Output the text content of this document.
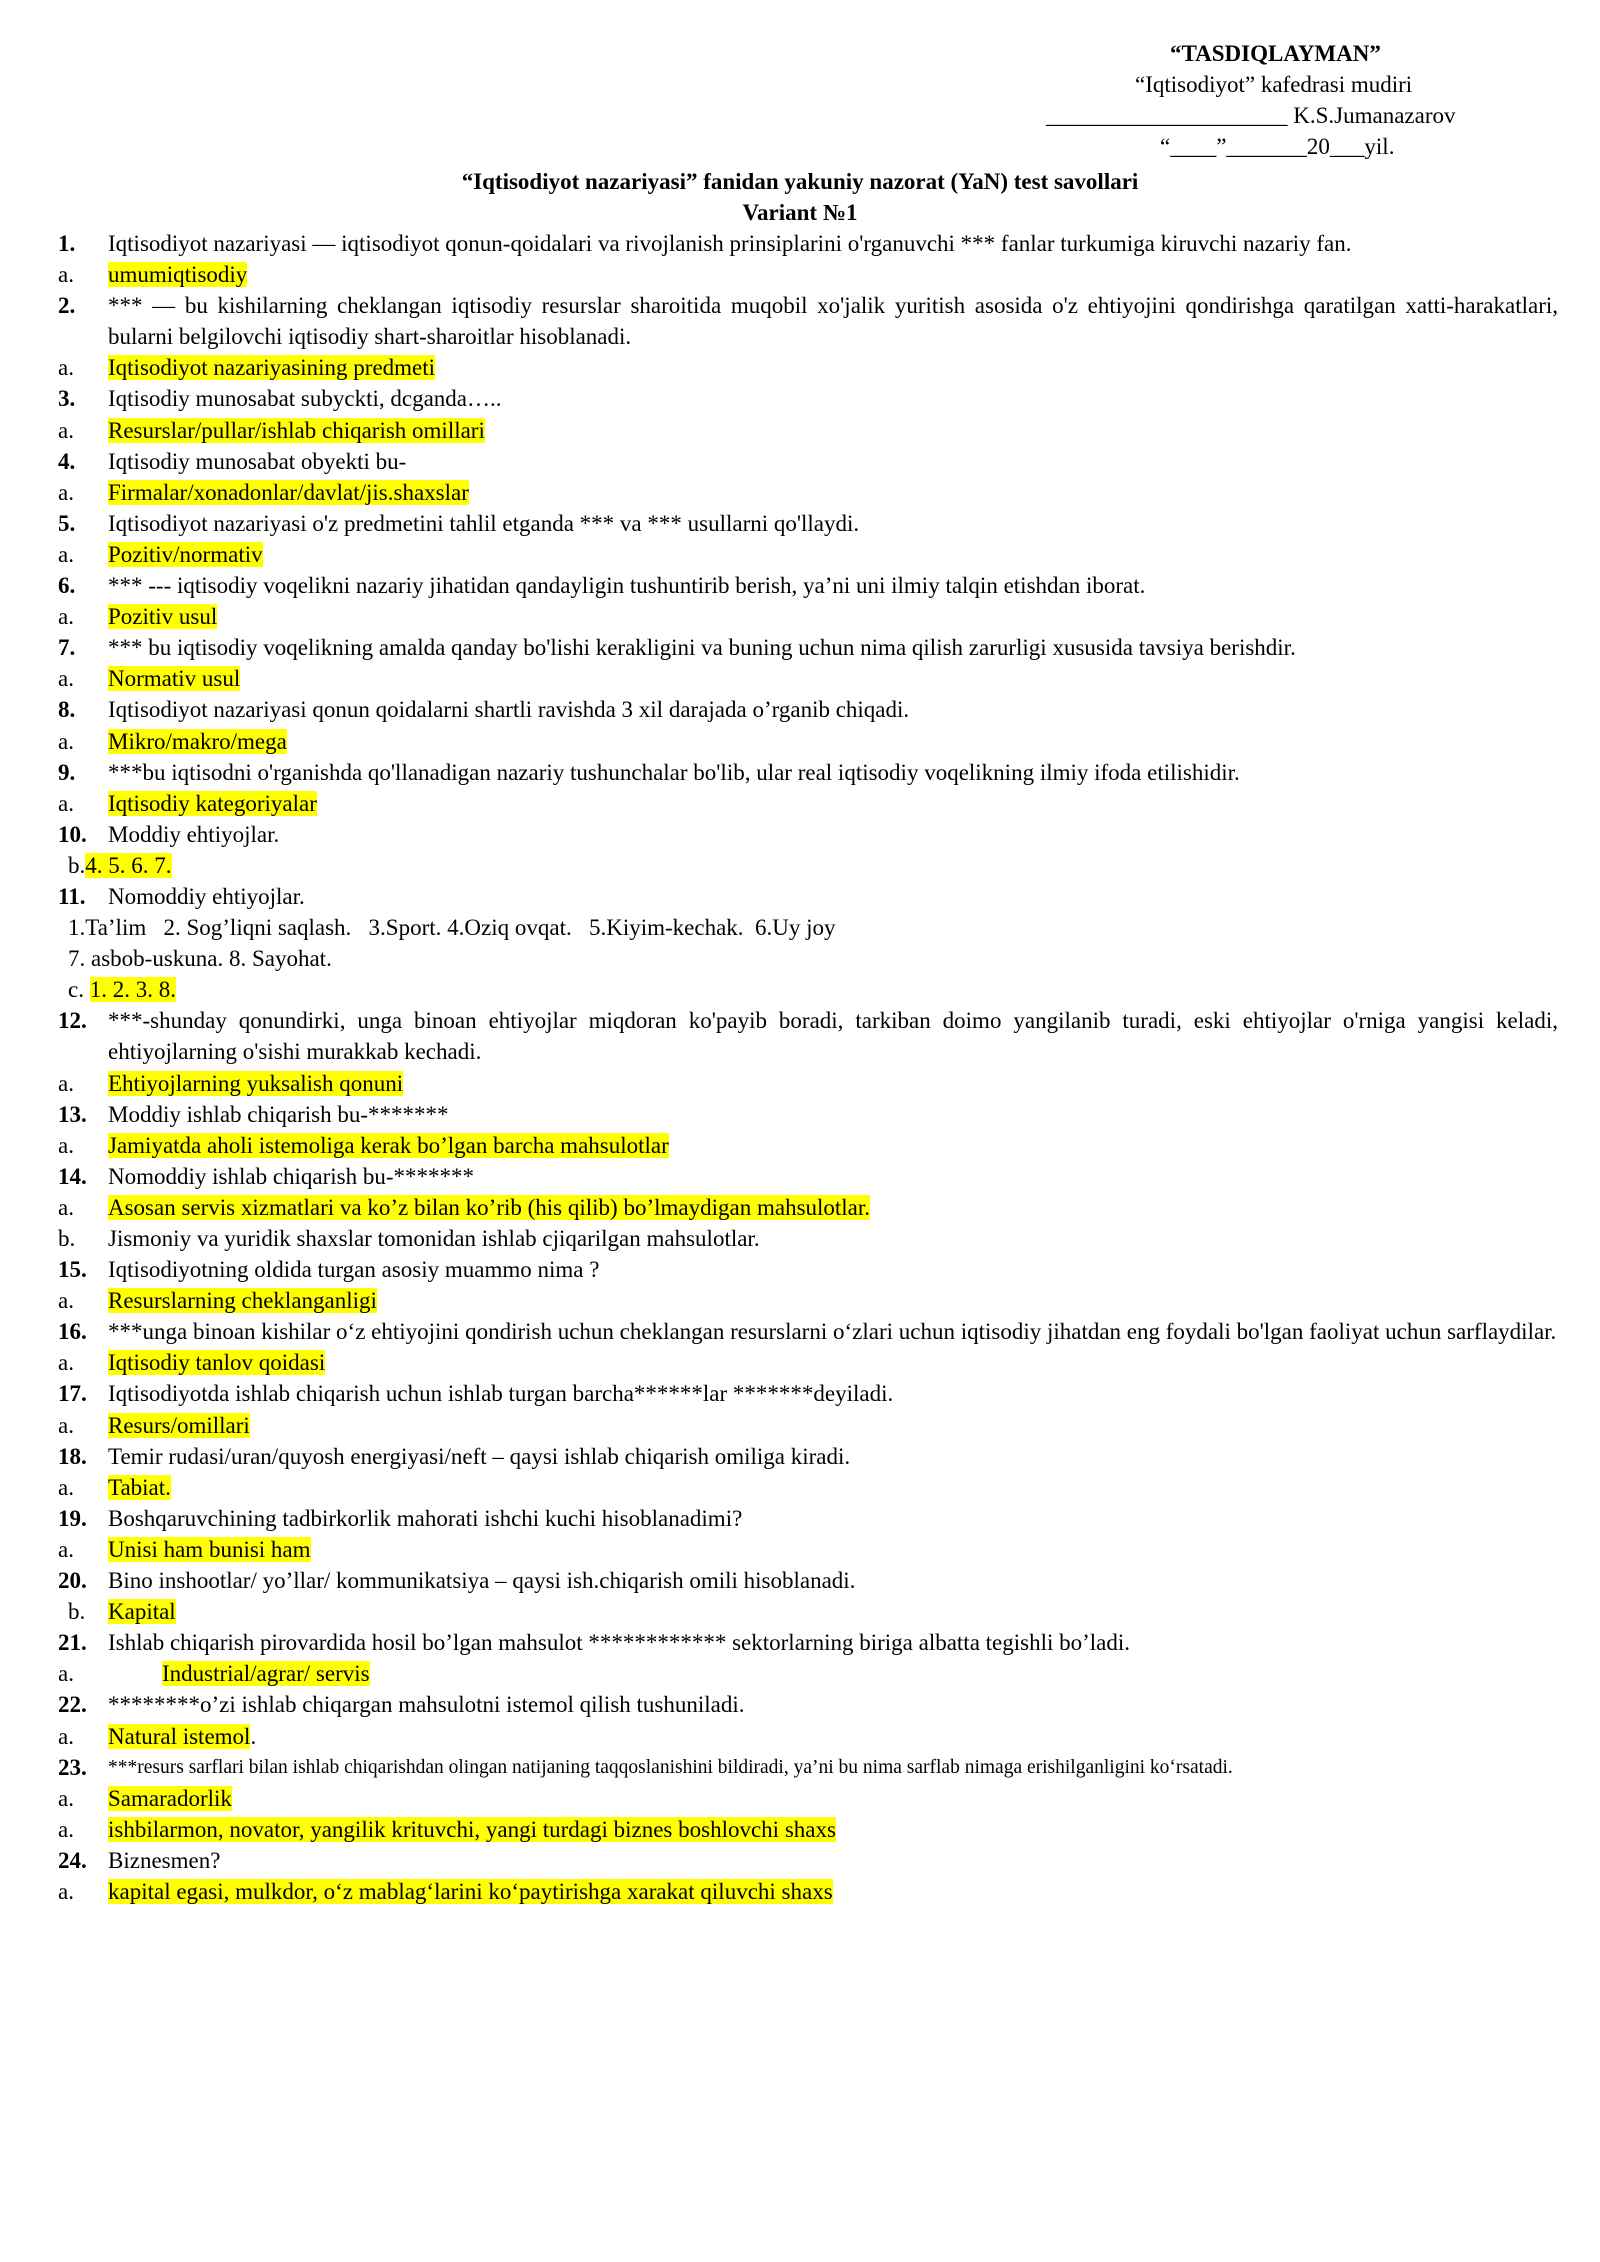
“TASDIQLAYMAN”
“Iqtisodiyot” kafedrasi mudiri
_____________________ K.S.Jumanazarov
“____”_______20___yil.
“Iqtisodiyot nazariyasi” fanidan yakuniy nazorat (YaN) test savollari
Variant №1
1. Iqtisodiyot nazariyasi — iqtisodiyot qonun-qoidalari va rivojlanish prinsiplarini o'rganuvchi *** fanlar turkumiga kiruvchi nazariy fan.
a. umumiqtisodiy
2. *** — bu kishilarning cheklangan iqtisodiy resurslar sharoitida muqobil xo'jalik yuritish asosida o'z ehtiyojini qondirishga qaratilgan xatti-harakatlari, bularni belgilovchi iqtisodiy shart-sharoitlar hisoblanadi.
a. Iqtisodiyot nazariyasining predmeti
3. Iqtisodiy munosabat subyckti, dcganda…..
a. Resurslar/pullar/ishlab chiqarish omillari
4. Iqtisodiy munosabat obyekti bu-
a. Firmalar/xonadonlar/davlat/jis.shaxslar
5. Iqtisodiyot nazariyasi o'z predmetini tahlil etganda *** va *** usullarni qo'llaydi.
a. Pozitiv/normativ
6. *** --- iqtisodiy voqelikni nazariy jihatidan qandayligin tushuntirib berish, ya’ni uni ilmiy talqin etishdan iborat.
a. Pozitiv usul
7. *** bu iqtisodiy voqelikning amalda qanday bo'lishi kerakligini va buning uchun nima qilish zarurligi xususida tavsiya berishdir.
a. Normativ usul
8. Iqtisodiyot nazariyasi qonun qoidalarni shartli ravishda 3 xil darajada o’rganib chiqadi.
a. Mikro/makro/mega
9. ***bu iqtisodni o'rganishda qo'llanadigan nazariy tushunchalar bo'lib, ular real iqtisodiy voqelikning ilmiy ifoda etilishidir.
a. Iqtisodiy kategoriyalar
10. Moddiy ehtiyojlar.
b.4. 5. 6. 7.
11. Nomoddiy ehtiyojlar.
1.Ta’lim   2. Sog’liqni saqlash.   3.Sport. 4.Oziq ovqat.   5.Kiyim-kechak.  6.Uy joy
7. asbob-uskuna. 8. Sayohat.
c. 1. 2. 3. 8.
12. ***-shunday qonundirki, unga binoan ehtiyojlar miqdoran ko'payib boradi, tarkiban doimo yangilanib turadi, eski ehtiyojlar o'rniga yangisi keladi, ehtiyojlarning o'sishi murakkab kechadi.
a. Ehtiyojlarning yuksalish qonuni
13. Moddiy ishlab chiqarish bu-*******
a. Jamiyatda aholi istemoliga kerak bo’lgan barcha mahsulotlar
14. Nomoddiy ishlab chiqarish bu-*******
a. Asosan servis xizmatlari va ko’z bilan ko’rib (his qilib) bo’lmaydigan mahsulotlar.
b. Jismoniy va yuridik shaxslar tomonidan ishlab cjiqarilgan mahsulotlar.
15. Iqtisodiyotning oldida turgan asosiy muammo nima ?
a. Resurslarning cheklanganligi
16. ***unga binoan kishilar o‘z ehtiyojini qondirish uchun cheklangan resurslarni o‘zlari uchun iqtisodiy jihatdan eng foydali bo'lgan faoliyat uchun sarflaydilar.
a. Iqtisodiy tanlov qoidasi
17. Iqtisodiyotda ishlab chiqarish uchun ishlab turgan barcha******lar *******deyiladi.
a. Resurs/omillari
18. Temir rudasi/uran/quyosh energiyasi/neft – qaysi ishlab chiqarish omiliga kiradi.
a. Tabiat.
19. Boshqaruvchining tadbirkorlik mahorati ishchi kuchi hisoblanadimi?
a. Unisi ham bunisi ham
20. Bino inshootlar/ yo’llar/ kommunikatsiya – qaysi ish.chiqarish omili hisoblanadi.
b. Kapital
21. Ishlab chiqarish pirovardida hosil bo’lgan mahsulot ************ sektorlarning biriga albatta tegishli bo’ladi.
a.	Industrial/agrar/ servis
22. ********o’zi ishlab chiqargan mahsulotni istemol qilish tushuniladi.
a. Natural istemol.
23. ***resurs sarflari bilan ishlab chiqarishdan olingan natijaning taqqoslanishini bildiradi, ya’ni bu nima sarflab nimaga erishilganligini ko‘rsatadi.
a. Samaradorlik
a. ishbilarmon, novator, yangilik krituvchi, yangi turdagi biznes boshlovchi shaxs
24. Biznesmen?
a. kapital egasi, mulkdor, o‘z mablag‘larini ko‘paytirishga xarakat qiluvchi shaxs
